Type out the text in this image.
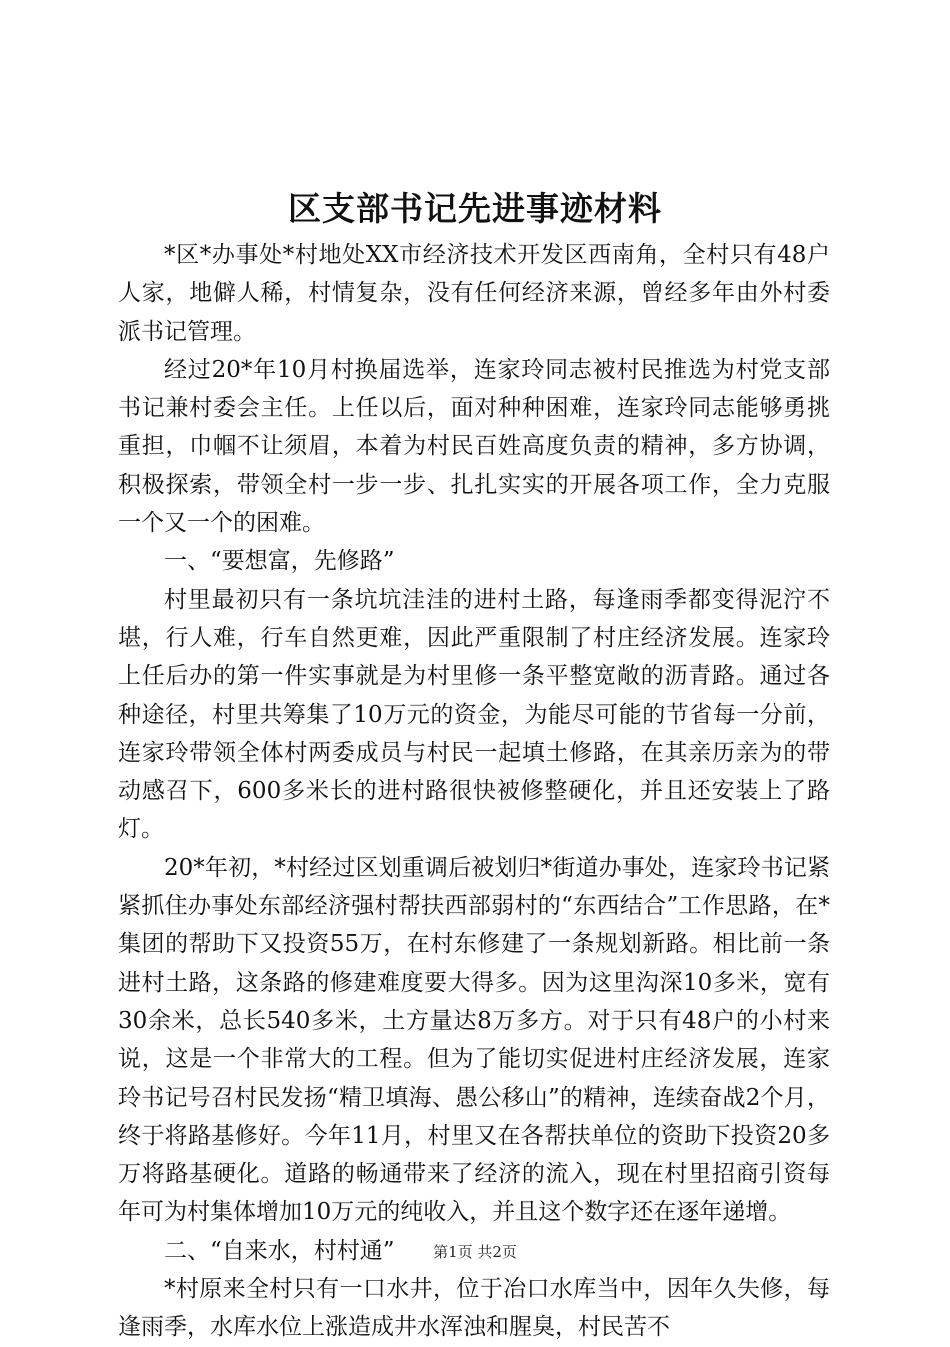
区支部书记先进事迹材料

*区*办事处*村地处XX市经济技术开发区西南角，全村只有48户人家，地僻人稀，村情复杂，没有任何经济来源，曾经多年由外村委派书记管理。

经过20*年10月村换届选举，连家玲同志被村民推选为村党支部书记兼村委会主任。上任以后，面对种种困难，连家玲同志能够勇挑重担，巾帼不让须眉，本着为村民百姓高度负责的精神，多方协调，积极探索，带领全村一步一步、扎扎实实的开展各项工作，全力克服一个又一个的困难。

一、“要想富，先修路”

村里最初只有一条坑坑洼洼的进村土路，每逢雨季都变得泥泞不堪，行人难，行车自然更难，因此严重限制了村庄经济发展。连家玲上任后办的第一件实事就是为村里修一条平整宽敞的沥青路。通过各种途径，村里共筹集了10万元的资金，为能尽可能的节省每一分前，连家玲带领全体村两委成员与村民一起填土修路，在其亲历亲为的带动感召下，600多米长的进村路很快被修整硬化，并且还安装上了路灯。

20*年初，*村经过区划重调后被划归*街道办事处，连家玲书记紧紧抓住办事处东部经济强村帮扶西部弱村的“东西结合”工作思路，在*集团的帮助下又投资55万，在村东修建了一条规划新路。相比前一条进村土路，这条路的修建难度要大得多。因为这里沟深10多米，宽有30余米，总长540多米，土方量达8万多方。对于只有48户的小村来说，这是一个非常大的工程。但为了能切实促进村庄经济发展，连家玲书记号召村民发扬“精卫填海、愚公移山”的精神，连续奋战2个月，终于将路基修好。今年11月，村里又在各帮扶单位的资助下投资20多万将路基硬化。道路的畅通带来了经济的流入，现在村里招商引资每年可为村集体增加10万元的纯收入，并且这个数字还在逐年递增。

二、“自来水，村村通”

*村原来全村只有一口水井，位于冶口水库当中，因年久失修，每逢雨季，水库水位上涨造成井水浑浊和腥臭，村民苦不

第1页 共2页
